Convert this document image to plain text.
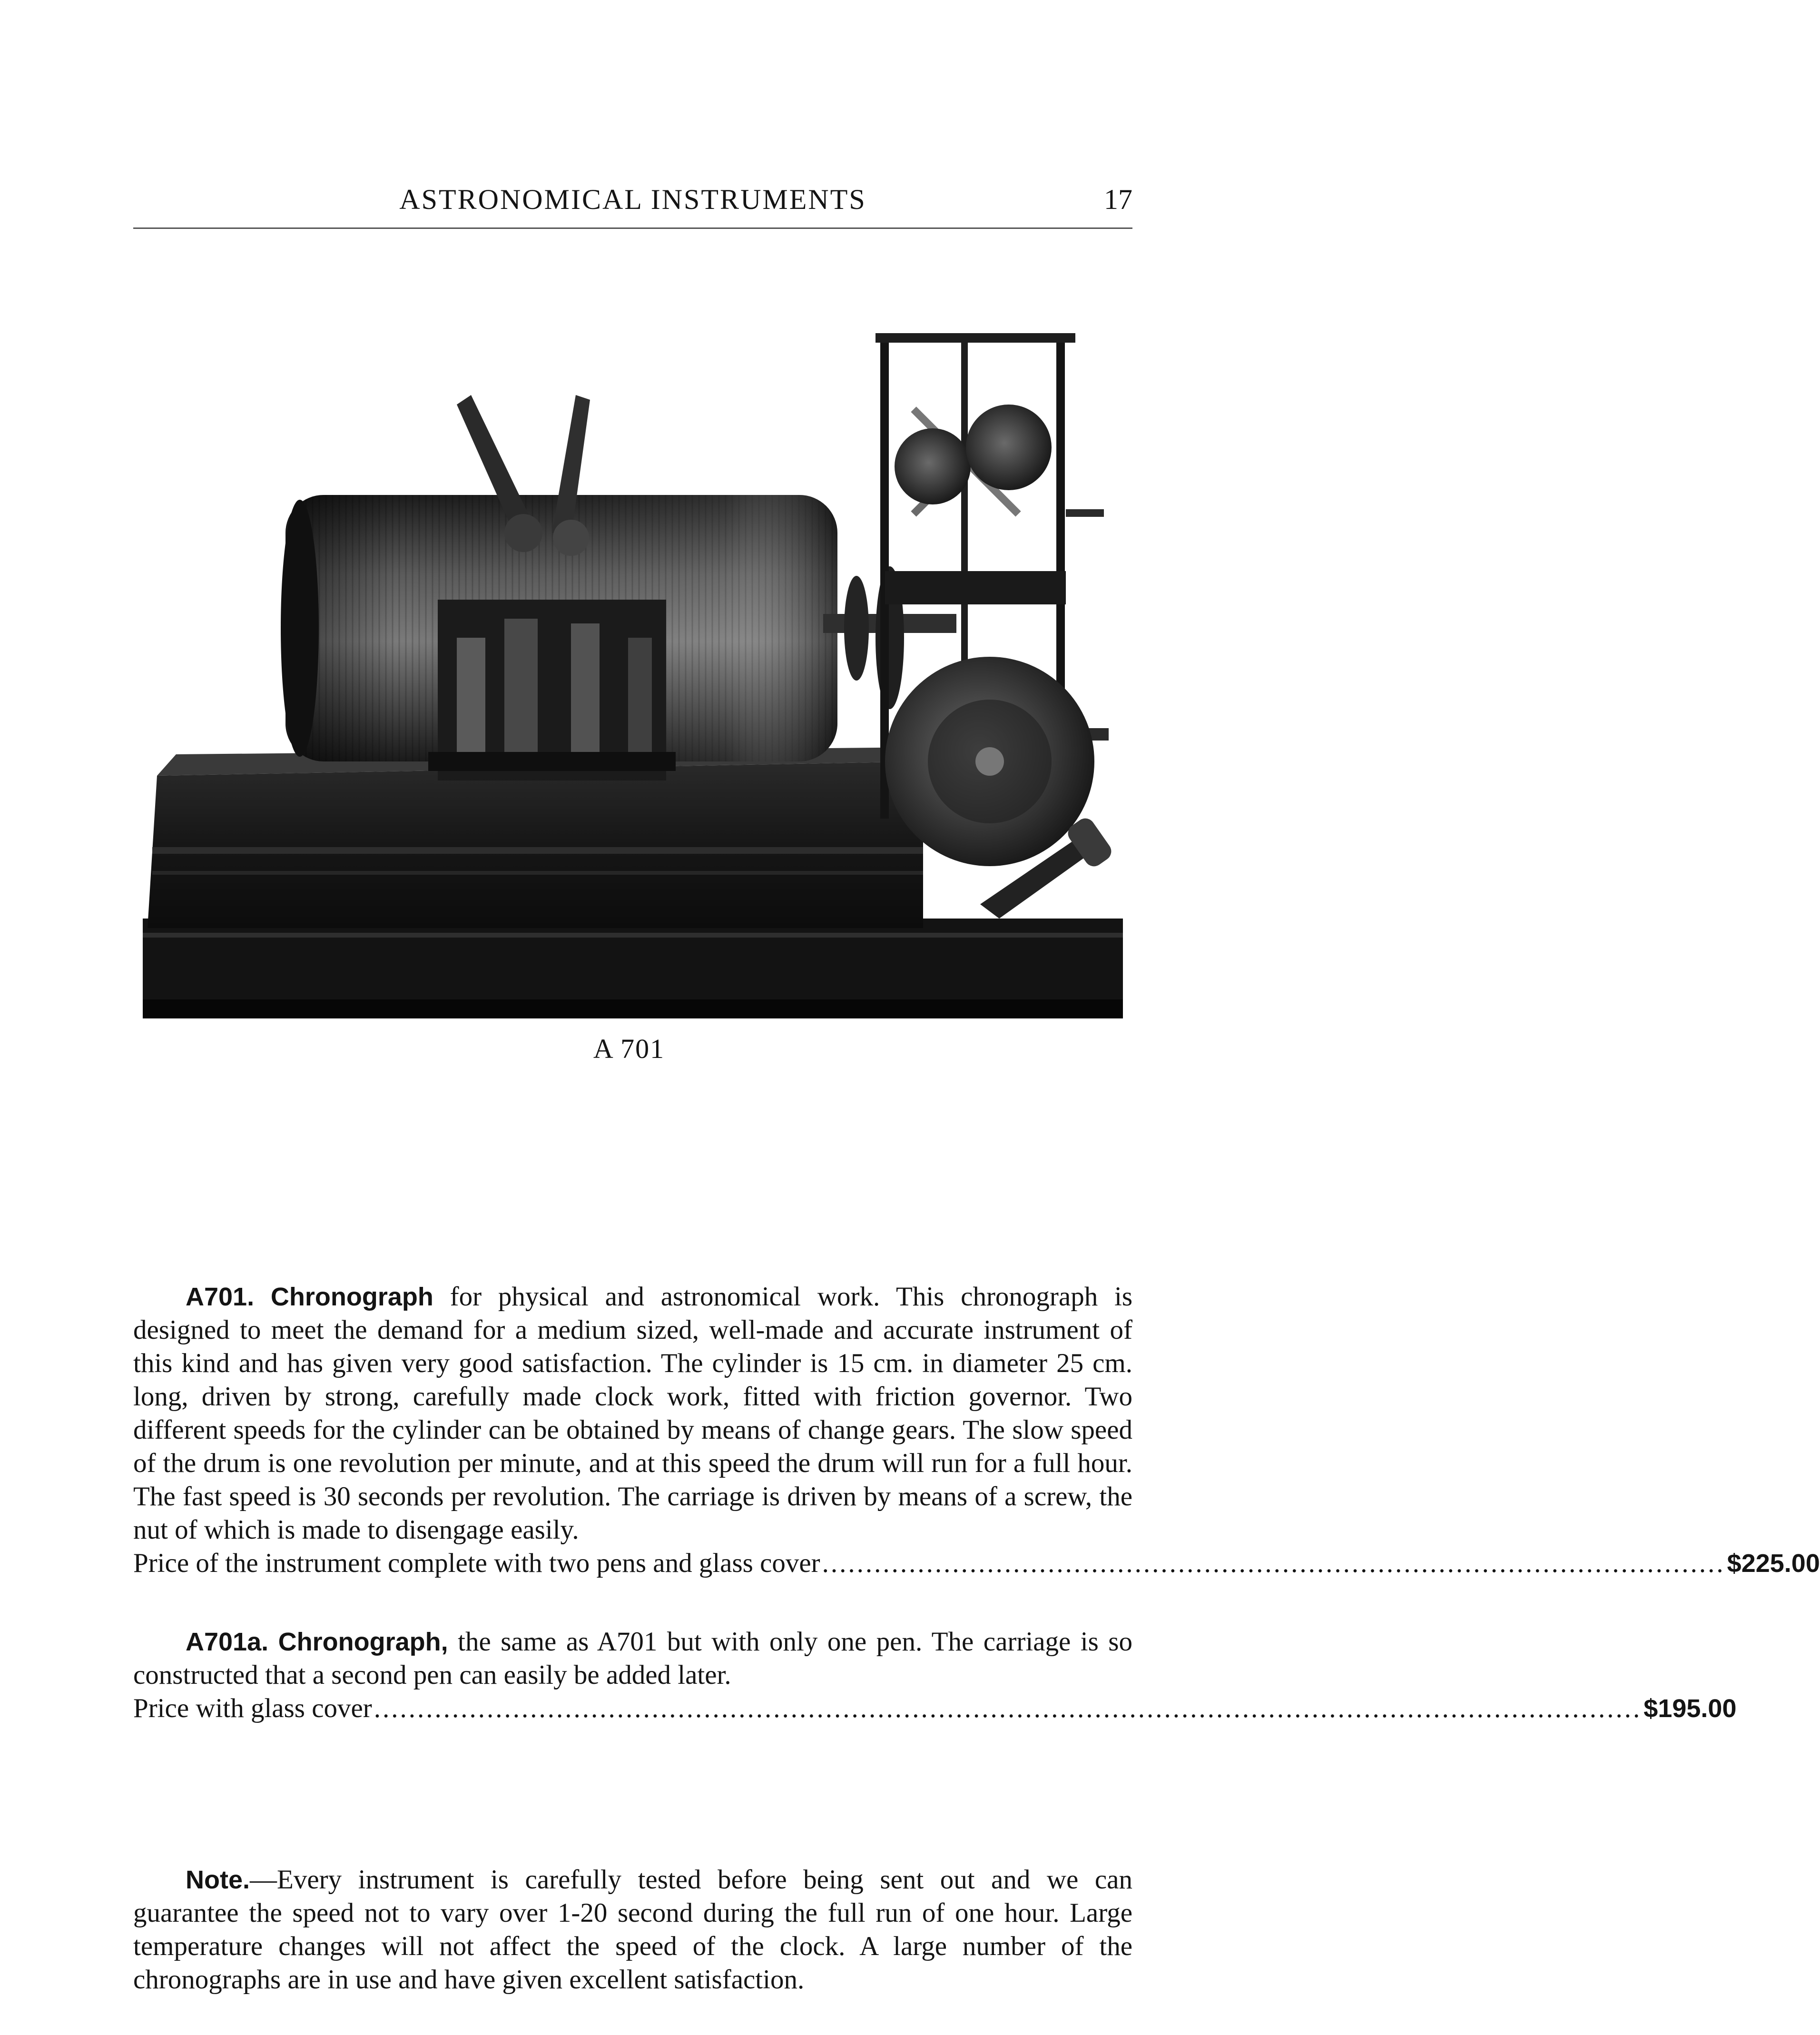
ASTRONOMICAL INSTRUMENTS	17
A 701

A701. Chronograph for physical and astronomical work. This chronograph is designed to meet the demand for a medium sized, well-made and accurate instrument of this kind and has given very good satisfaction. The cylinder is 15 cm. in diameter 25 cm. long, driven by strong, carefully made clock work, fitted with friction governor. Two different speeds for the cylinder can be obtained by means of change gears. The slow speed of the drum is one revolution per minute, and at this speed the drum will run for a full hour. The fast speed is 30 seconds per revolution. The carriage is driven by means of a screw, the nut of which is made to disengage easily.

Price of the instrument complete with two pens and glass cover ........................................................................................................ $225.00

A701a. Chronograph, the same as A701 but with only one pen. The carriage is so constructed that a second pen can easily be added later.

Price with glass cover .................................................................................................................................................. $195.00

Note.—Every instrument is carefully tested before being sent out and we can guarantee the speed not to vary over 1-20 second during the full run of one hour. Large temperature changes will not affect the speed of the clock. A large number of the chronographs are in use and have given excellent satisfaction.
